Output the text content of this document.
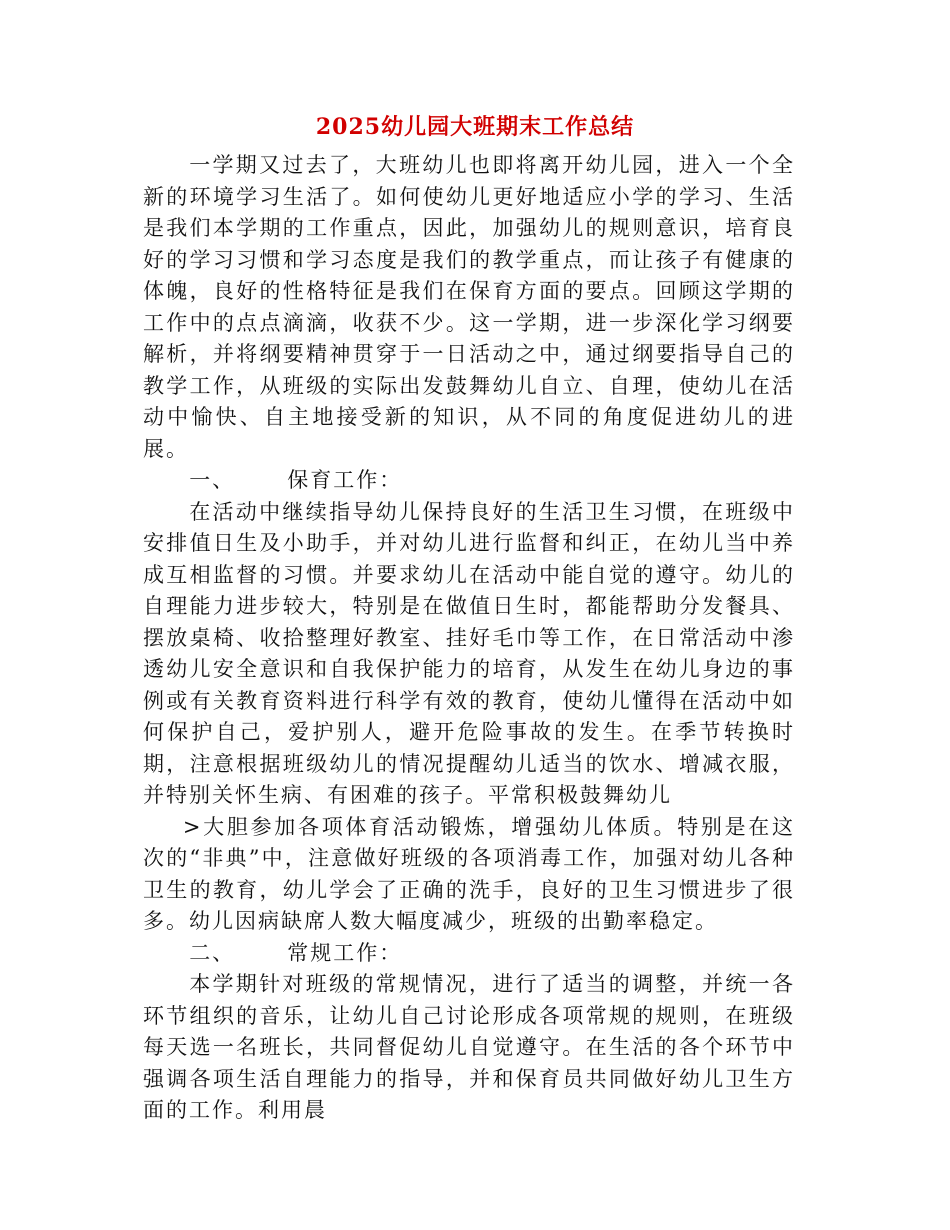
2025幼儿园大班期末工作总结

一学期又过去了，大班幼儿也即将离开幼儿园，进入一个全新的环境学习生活了。如何使幼儿更好地适应小学的学习、生活是我们本学期的工作重点，因此，加强幼儿的规则意识，培育良好的学习习惯和学习态度是我们的教学重点，而让孩子有健康的体魄，良好的性格特征是我们在保育方面的要点。回顾这学期的工作中的点点滴滴，收获不少。这一学期，进一步深化学习纲要解析，并将纲要精神贯穿于一日活动之中，通过纲要指导自己的教学工作，从班级的实际出发鼓舞幼儿自立、自理，使幼儿在活动中愉快、自主地接受新的知识，从不同的角度促进幼儿的进展。

一、      保育工作：

在活动中继续指导幼儿保持良好的生活卫生习惯，在班级中安排值日生及小助手，并对幼儿进行监督和纠正，在幼儿当中养成互相监督的习惯。并要求幼儿在活动中能自觉的遵守。幼儿的自理能力进步较大，特别是在做值日生时，都能帮助分发餐具、摆放桌椅、收拾整理好教室、挂好毛巾等工作，在日常活动中渗透幼儿安全意识和自我保护能力的培育，从发生在幼儿身边的事例或有关教育资料进行科学有效的教育，使幼儿懂得在活动中如何保护自己，爱护别人，避开危险事故的发生。在季节转换时期，注意根据班级幼儿的情况提醒幼儿适当的饮水、增减衣服，并特别关怀生病、有困难的孩子。平常积极鼓舞幼儿

>大胆参加各项体育活动锻炼，增强幼儿体质。特别是在这次的“非典”中，注意做好班级的各项消毒工作，加强对幼儿各种卫生的教育，幼儿学会了正确的洗手，良好的卫生习惯进步了很多。幼儿因病缺席人数大幅度减少，班级的出勤率稳定。

二、      常规工作：

本学期针对班级的常规情况，进行了适当的调整，并统一各环节组织的音乐，让幼儿自己讨论形成各项常规的规则，在班级每天选一名班长，共同督促幼儿自觉遵守。在生活的各个环节中强调各项生活自理能力的指导，并和保育员共同做好幼儿卫生方面的工作。利用晨
